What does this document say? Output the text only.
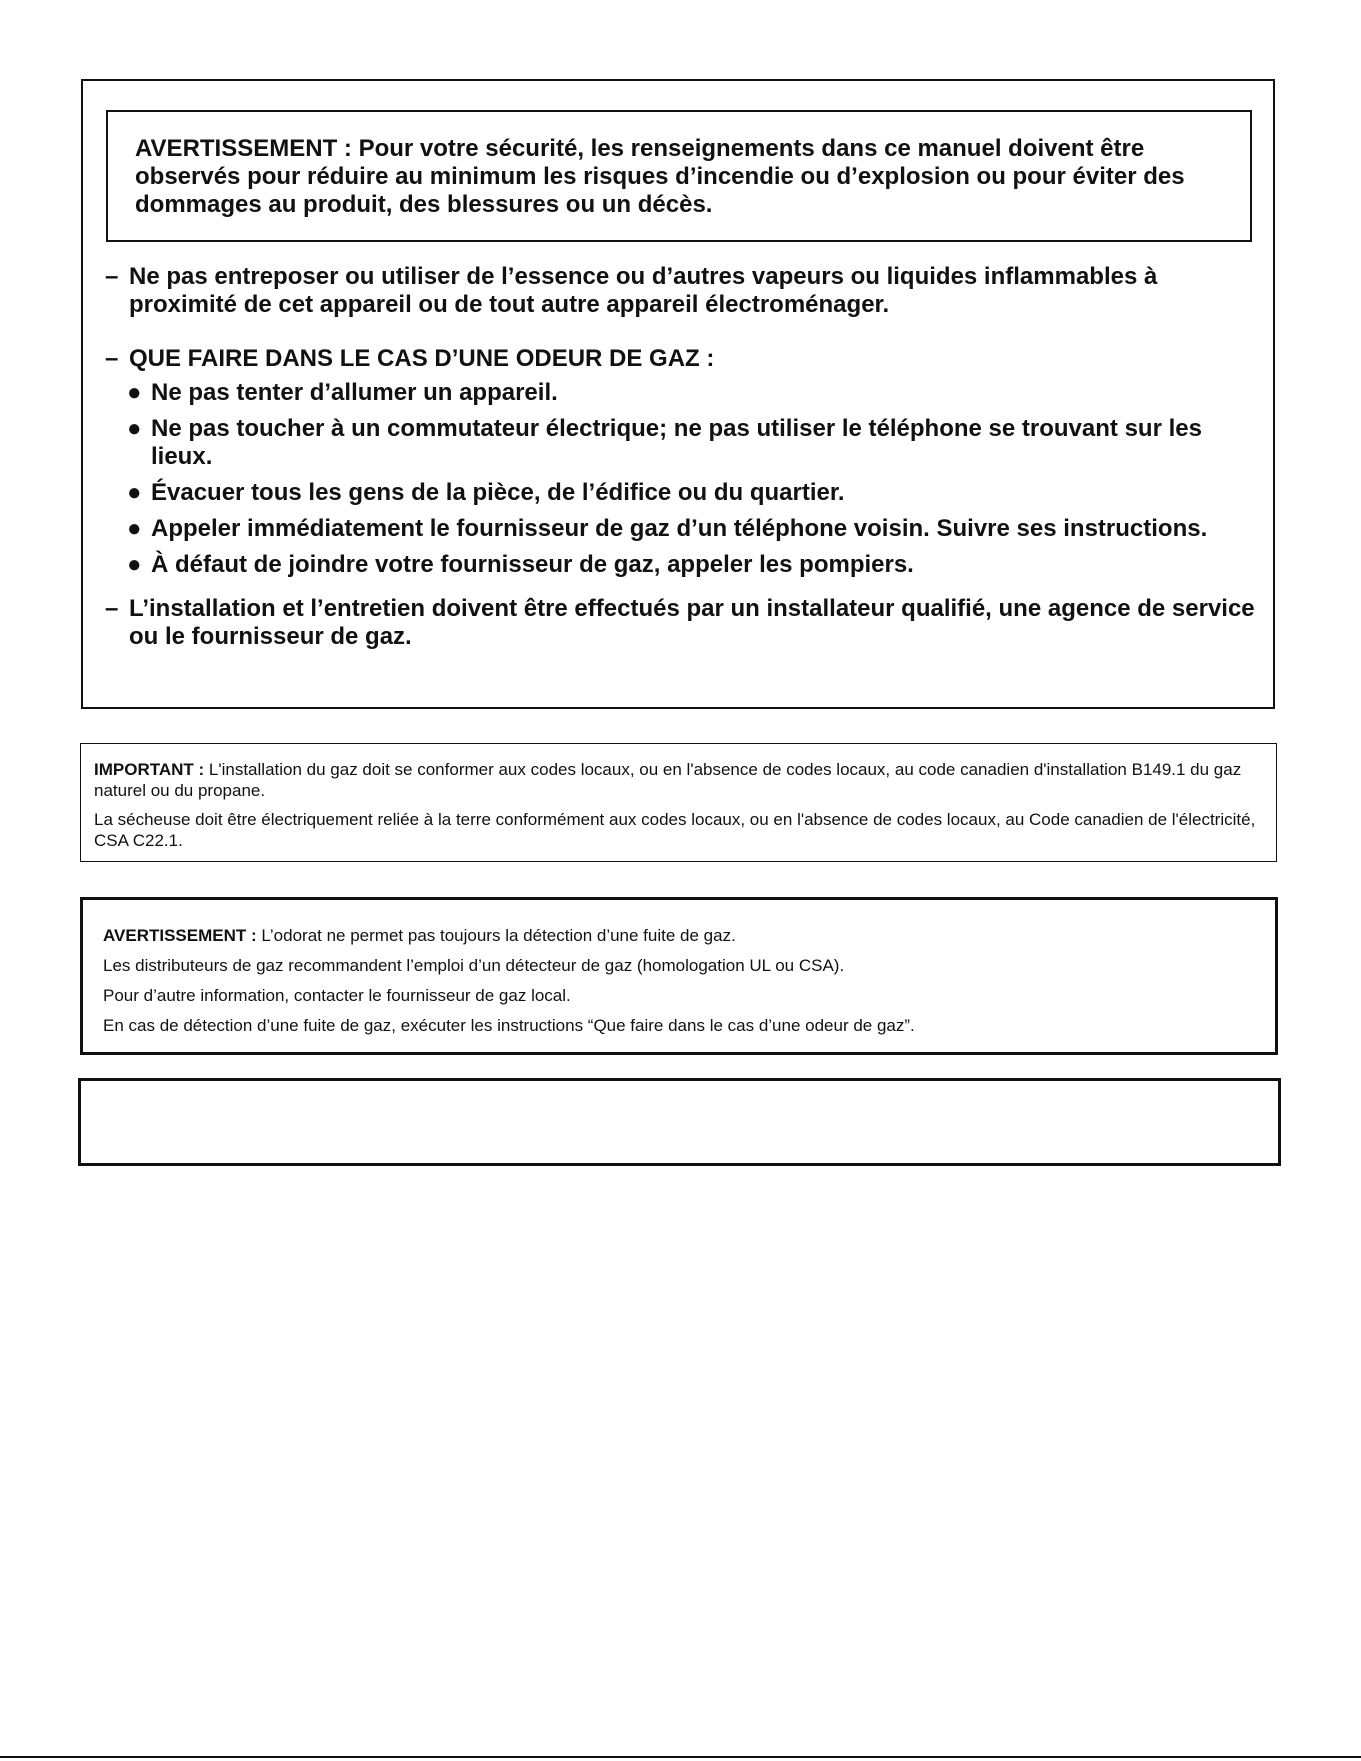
AVERTISSEMENT : Pour votre sécurité, les renseignements dans ce manuel doivent être observés pour réduire au minimum les risques d’incendie ou d’explosion ou pour éviter des dommages au produit, des blessures ou un décès.
– Ne pas entreposer ou utiliser de l’essence ou d’autres vapeurs ou liquides inflammables à proximité de cet appareil ou de tout autre appareil électroménager.
– QUE FAIRE DANS LE CAS D’UNE ODEUR DE GAZ :
● Ne pas tenter d’allumer un appareil.
● Ne pas toucher à un commutateur électrique; ne pas utiliser le téléphone se trouvant sur les lieux.
● Évacuer tous les gens de la pièce, de l’édifice ou du quartier.
● Appeler immédiatement le fournisseur de gaz d’un téléphone voisin. Suivre ses instructions.
● À défaut de joindre votre fournisseur de gaz, appeler les pompiers.
– L’installation et l’entretien doivent être effectués par un installateur qualifié, une agence de service ou le fournisseur de gaz.

IMPORTANT : L'installation du gaz doit se conformer aux codes locaux, ou en l'absence de codes locaux, au code canadien d'installation B149.1 du gaz naturel ou du propane.

La sécheuse doit être électriquement reliée à la terre conformément aux codes locaux, ou en l'absence de codes locaux, au Code canadien de l'électricité, CSA C22.1.

AVERTISSEMENT : L’odorat ne permet pas toujours la détection d’une fuite de gaz.

Les distributeurs de gaz recommandent l’emploi d’un détecteur de gaz (homologation UL ou CSA).

Pour d’autre information, contacter le fournisseur de gaz local.

En cas de détection d’une fuite de gaz, exécuter les instructions “Que faire dans le cas d’une odeur de gaz”.
